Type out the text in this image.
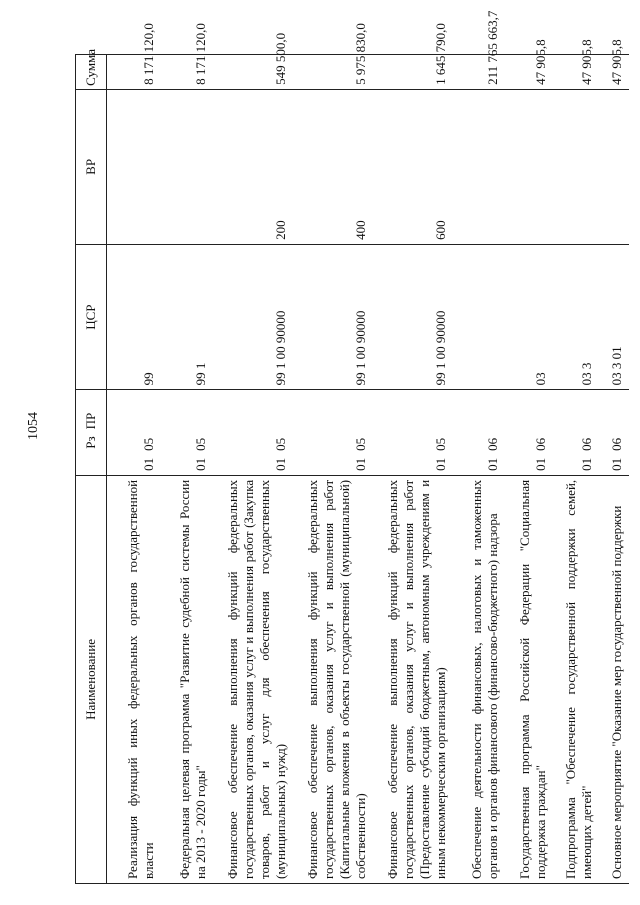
1054
Наименование	Рз ПР	ЦСР	ВР	Сумма
Реализация функций иных федеральных органов государственной власти	0105	99		8 171 120,0
Федеральная целевая программа "Развитие судебной системы России на 2013 - 2020 годы"	0105	99 1		8 171 120,0
Финансовое обеспечение выполнения функций федеральных государственных органов, оказания услуг и выполнения работ (Закупка товаров, работ и услуг для обеспечения государственных (муниципальных) нужд)	0105	99 1 00 90000	200	549 500,0
Финансовое обеспечение выполнения функций федеральных государственных органов, оказания услуг и выполнения работ (Капитальные вложения в объекты государственной (муниципальной) собственности)	0105	99 1 00 90000	400	5 975 830,0
Финансовое обеспечение выполнения функций федеральных государственных органов, оказания услуг и выполнения работ (Предоставление субсидий бюджетным, автономным учреждениям и иным некоммерческим организациям)	0105	99 1 00 90000	600	1 645 790,0
Обеспечение деятельности финансовых, налоговых и таможенных органов и органов финансового (финансово-бюджетного) надзора	0106			211 765 663,7
Государственная программа Российской Федерации "Социальная поддержка граждан"	0106	03		47 905,8
Подпрограмма "Обеспечение государственной поддержки семей, имеющих детей"	0106	03 3		47 905,8
Основное мероприятие "Оказание мер государственной поддержки	0106	03 3 01		47 905,8
